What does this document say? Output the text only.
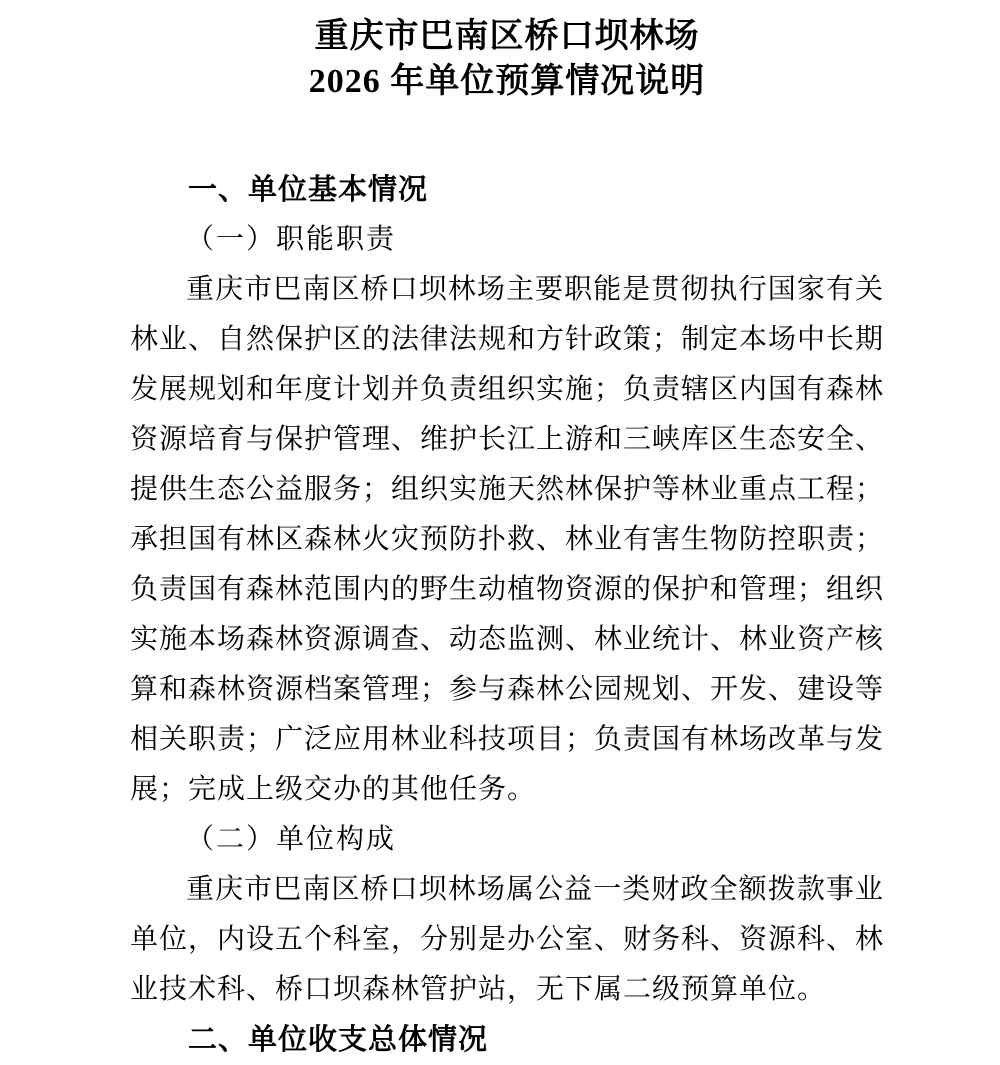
重庆市巴南区桥口坝林场
2026 年单位预算情况说明
一、单位基本情况
（一）职能职责

重庆市巴南区桥口坝林场主要职能是贯彻执行国家有关林业、自然保护区的法律法规和方针政策；制定本场中长期发展规划和年度计划并负责组织实施；负责辖区内国有森林资源培育与保护管理、维护长江上游和三峡库区生态安全、提供生态公益服务；组织实施天然林保护等林业重点工程；承担国有林区森林火灾预防扑救、林业有害生物防控职责；负责国有森林范围内的野生动植物资源的保护和管理；组织实施本场森林资源调查、动态监测、林业统计、林业资产核算和森林资源档案管理；参与森林公园规划、开发、建设等相关职责；广泛应用林业科技项目；负责国有林场改革与发展；完成上级交办的其他任务。

（二）单位构成

重庆市巴南区桥口坝林场属公益一类财政全额拨款事业单位，内设五个科室，分别是办公室、财务科、资源科、林业技术科、桥口坝森林管护站，无下属二级预算单位。

二、单位收支总体情况
